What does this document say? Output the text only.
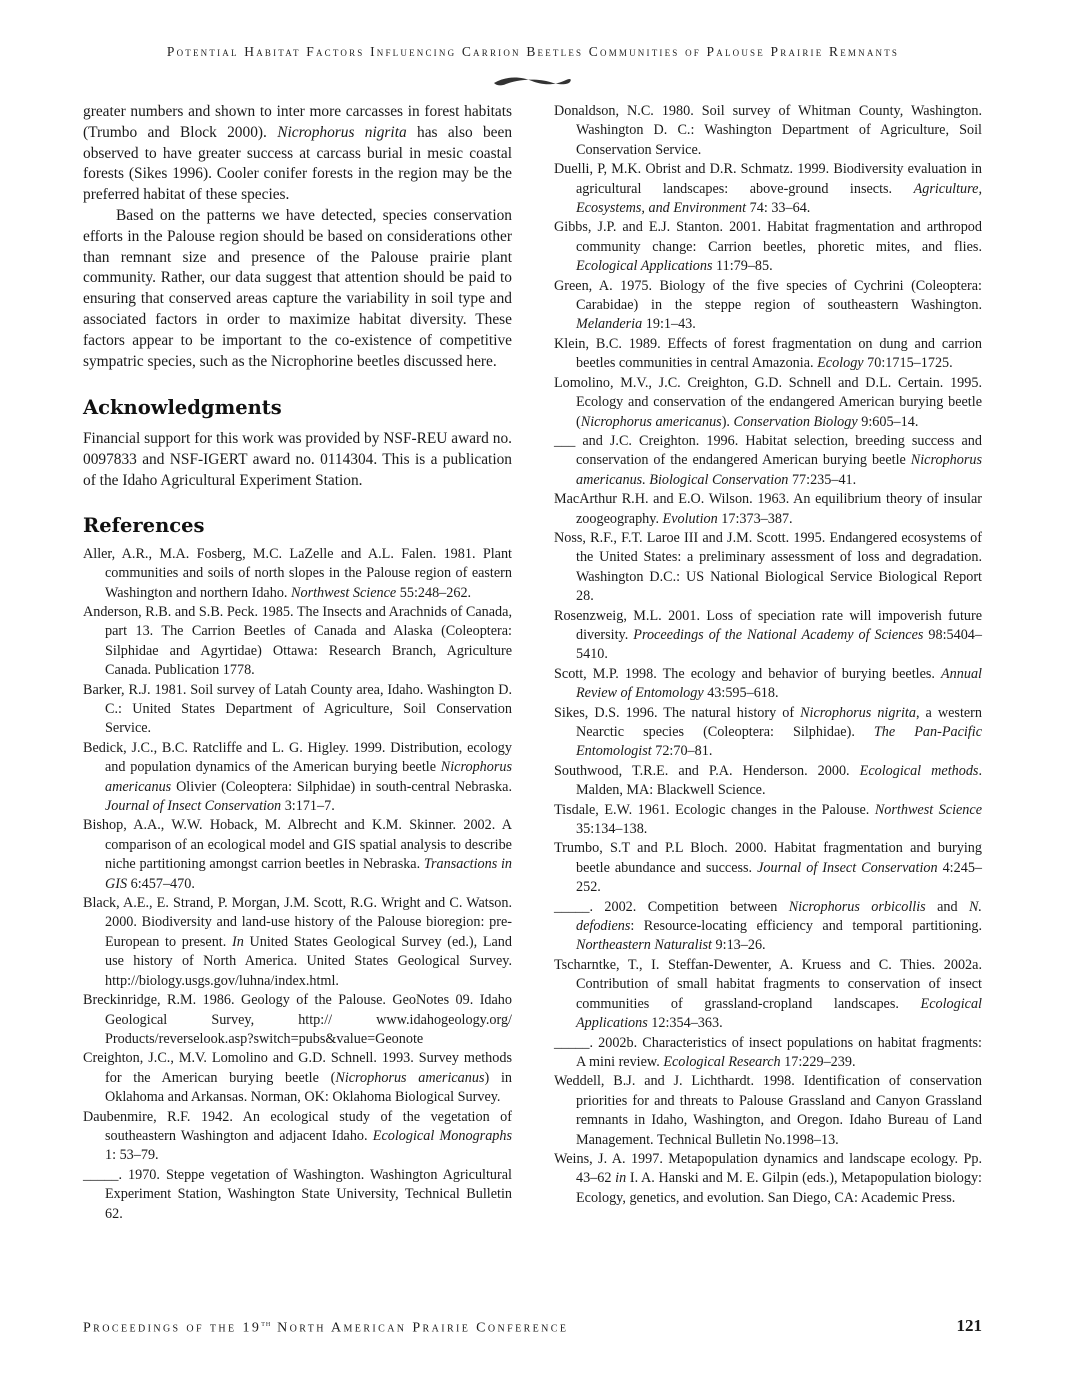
Potential Habitat Factors Influencing Carrion Beetles Communities of Palouse Prairie Remnants

greater numbers and shown to inter more carcasses in forest habitats (Trumbo and Block 2000). Nicrophorus nigrita has also been observed to have greater success at carcass burial in mesic coastal forests (Sikes 1996). Cooler conifer forests in the region may be the preferred habitat of these species.

Based on the patterns we have detected, species conservation efforts in the Palouse region should be based on considerations other than remnant size and presence of the Palouse prairie plant community. Rather, our data suggest that attention should be paid to ensuring that conserved areas capture the variability in soil type and associated factors in order to maximize habitat diversity. These factors appear to be important to the co-existence of competitive sympatric species, such as the Nicrophorine beetles discussed here.

Acknowledgments

Financial support for this work was provided by NSF-REU award no. 0097833 and NSF-IGERT award no. 0114304. This is a publication of the Idaho Agricultural Experiment Station.

References

Aller, A.R., M.A. Fosberg, M.C. LaZelle and A.L. Falen. 1981. Plant communities and soils of north slopes in the Palouse region of eastern Washington and northern Idaho. Northwest Science 55:248–262.

Anderson, R.B. and S.B. Peck. 1985. The Insects and Arachnids of Canada, part 13. The Carrion Beetles of Canada and Alaska (Coleoptera: Silphidae and Agyrtidae) Ottawa: Research Branch, Agriculture Canada. Publication 1778.

Barker, R.J. 1981. Soil survey of Latah County area, Idaho. Washington D. C.: United States Department of Agriculture, Soil Conservation Service.

Bedick, J.C., B.C. Ratcliffe and L. G. Higley. 1999. Distribution, ecology and population dynamics of the American burying beetle Nicrophorus americanus Olivier (Coleoptera: Silphidae) in south-central Nebraska. Journal of Insect Conservation 3:171–7.

Bishop, A.A., W.W. Hoback, M. Albrecht and K.M. Skinner. 2002. A comparison of an ecological model and GIS spatial analysis to describe niche partitioning amongst carrion beetles in Nebraska. Transactions in GIS 6:457–470.

Black, A.E., E. Strand, P. Morgan, J.M. Scott, R.G. Wright and C. Watson. 2000. Biodiversity and land-use history of the Palouse bioregion: pre-European to present. In United States Geological Survey (ed.), Land use history of North America. United States Geological Survey. http://biology.usgs.gov/luhna/index.html.

Breckinridge, R.M. 1986. Geology of the Palouse. GeoNotes 09. Idaho Geological Survey, http:// www.idahogeology.org/ Products/reverselook.asp?switch=pubs&value=Geonote

Creighton, J.C., M.V. Lomolino and G.D. Schnell. 1993. Survey methods for the American burying beetle (Nicrophorus americanus) in Oklahoma and Arkansas. Norman, OK: Oklahoma Biological Survey.

Daubenmire, R.F. 1942. An ecological study of the vegetation of southeastern Washington and adjacent Idaho. Ecological Monographs 1: 53–79.

_____. 1970. Steppe vegetation of Washington. Washington Agricultural Experiment Station, Washington State University, Technical Bulletin 62.

Donaldson, N.C. 1980. Soil survey of Whitman County, Washington. Washington D. C.: Washington Department of Agriculture, Soil Conservation Service.

Duelli, P, M.K. Obrist and D.R. Schmatz. 1999. Biodiversity evaluation in agricultural landscapes: above-ground insects. Agriculture, Ecosystems, and Environment 74: 33–64.

Gibbs, J.P. and E.J. Stanton. 2001. Habitat fragmentation and arthropod community change: Carrion beetles, phoretic mites, and flies. Ecological Applications 11:79–85.

Green, A. 1975. Biology of the five species of Cychrini (Coleoptera: Carabidae) in the steppe region of southeastern Washington. Melanderia 19:1–43.

Klein, B.C. 1989. Effects of forest fragmentation on dung and carrion beetles communities in central Amazonia. Ecology 70:1715–1725.

Lomolino, M.V., J.C. Creighton, G.D. Schnell and D.L. Certain. 1995. Ecology and conservation of the endangered American burying beetle (Nicrophorus americanus). Conservation Biology 9:605–14.

___ and J.C. Creighton. 1996. Habitat selection, breeding success and conservation of the endangered American burying beetle Nicrophorus americanus. Biological Conservation 77:235–41.

MacArthur R.H. and E.O. Wilson. 1963. An equilibrium theory of insular zoogeography. Evolution 17:373–387.

Noss, R.F., F.T. Laroe III and J.M. Scott. 1995. Endangered ecosystems of the United States: a preliminary assessment of loss and degradation. Washington D.C.: US National Biological Service Biological Report 28.

Rosenzweig, M.L. 2001. Loss of speciation rate will impoverish future diversity. Proceedings of the National Academy of Sciences 98:5404–5410.

Scott, M.P. 1998. The ecology and behavior of burying beetles. Annual Review of Entomology 43:595–618.

Sikes, D.S. 1996. The natural history of Nicrophorus nigrita, a western Nearctic species (Coleoptera: Silphidae). The Pan-Pacific Entomologist 72:70–81.

Southwood, T.R.E. and P.A. Henderson. 2000. Ecological methods. Malden, MA: Blackwell Science.

Tisdale, E.W. 1961. Ecologic changes in the Palouse. Northwest Science 35:134–138.

Trumbo, S.T and P.L Bloch. 2000. Habitat fragmentation and burying beetle abundance and success. Journal of Insect Conservation 4:245–252.

_____. 2002. Competition between Nicrophorus orbicollis and N. defodiens: Resource-locating efficiency and temporal partitioning. Northeastern Naturalist 9:13–26.

Tscharntke, T., I. Steffan-Dewenter, A. Kruess and C. Thies. 2002a. Contribution of small habitat fragments to conservation of insect communities of grassland-cropland landscapes. Ecological Applications 12:354–363.

_____. 2002b. Characteristics of insect populations on habitat fragments: A mini review. Ecological Research 17:229–239.

Weddell, B.J. and J. Lichthardt. 1998. Identification of conservation priorities for and threats to Palouse Grassland and Canyon Grassland remnants in Idaho, Washington, and Oregon. Idaho Bureau of Land Management. Technical Bulletin No.1998–13.

Weins, J. A. 1997. Metapopulation dynamics and landscape ecology. Pp. 43–62 in I. A. Hanski and M. E. Gilpin (eds.), Metapopulation biology: Ecology, genetics, and evolution. San Diego, CA: Academic Press.

Proceedings of the 19th North American Prairie Conference	121
